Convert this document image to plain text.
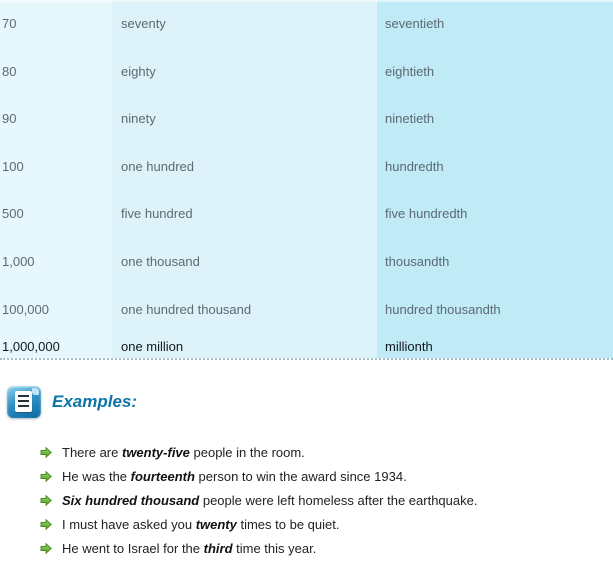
70	seventy	seventieth
80	eighty	eightieth
90	ninety	ninetieth
100	one hundred	hundredth
500	five hundred	five hundredth
1,000	one thousand	thousandth
100,000	one hundred thousand	hundred thousandth
1,000,000	one million	millionth
Examples:
There are twenty-five people in the room.
He was the fourteenth person to win the award since 1934.
Six hundred thousand people were left homeless after the earthquake.
I must have asked you twenty times to be quiet.
He went to Israel for the third time this year.
